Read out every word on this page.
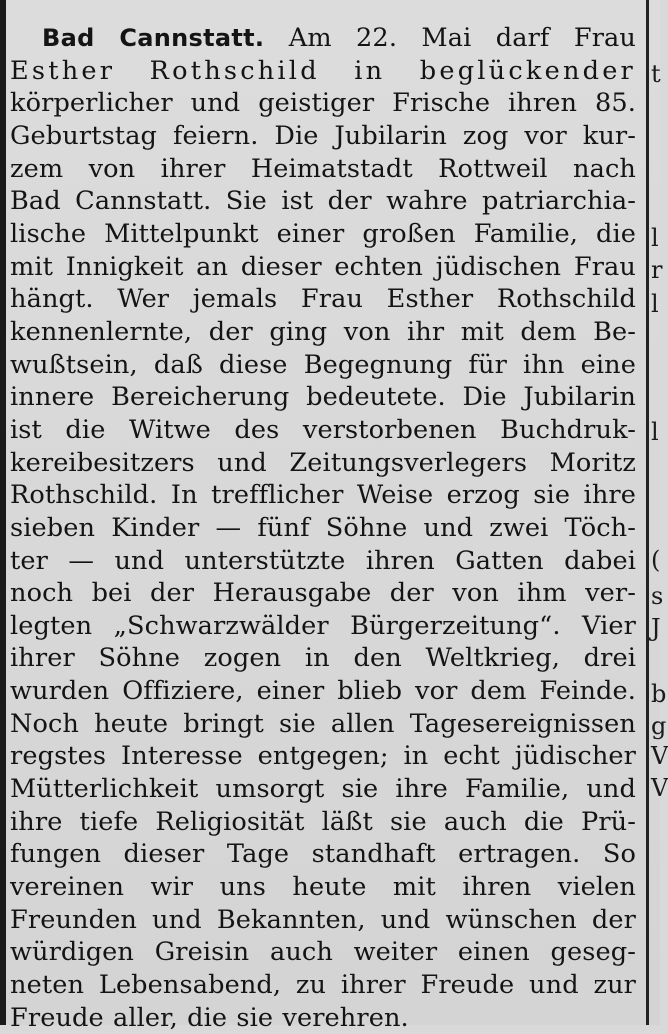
Bad Cannstatt. Am 22. Mai darf Frau
Esther Rothschild in beglückender
körperlicher und geistiger Frische ihren 85.
Geburtstag feiern. Die Jubilarin zog vor kur-
zem von ihrer Heimatstadt Rottweil nach
Bad Cannstatt. Sie ist der wahre patriarchia-
lische Mittelpunkt einer großen Familie, die
mit Innigkeit an dieser echten jüdischen Frau
hängt. Wer jemals Frau Esther Rothschild
kennenlernte, der ging von ihr mit dem Be-
wußtsein, daß diese Begegnung für ihn eine
innere Bereicherung bedeutete. Die Jubilarin
ist die Witwe des verstorbenen Buchdruk-
kereibesitzers und Zeitungsverlegers Moritz
Rothschild. In trefflicher Weise erzog sie ihre
sieben Kinder — fünf Söhne und zwei Töch-
ter — und unterstützte ihren Gatten dabei
noch bei der Herausgabe der von ihm ver-
legten „Schwarzwälder Bürgerzeitung“. Vier
ihrer Söhne zogen in den Weltkrieg, drei
wurden Offiziere, einer blieb vor dem Feinde.
Noch heute bringt sie allen Tagesereignissen
regstes Interesse entgegen; in echt jüdischer
Mütterlichkeit umsorgt sie ihre Familie, und
ihre tiefe Religiosität läßt sie auch die Prü-
fungen dieser Tage standhaft ertragen. So
vereinen wir uns heute mit ihren vielen
Freunden und Bekannten, und wünschen der
würdigen Greisin auch weiter einen geseg-
neten Lebensabend, zu ihrer Freude und zur
Freude aller, die sie verehren.

t
l
r
l
l
(
s
J
b
g
V
V
